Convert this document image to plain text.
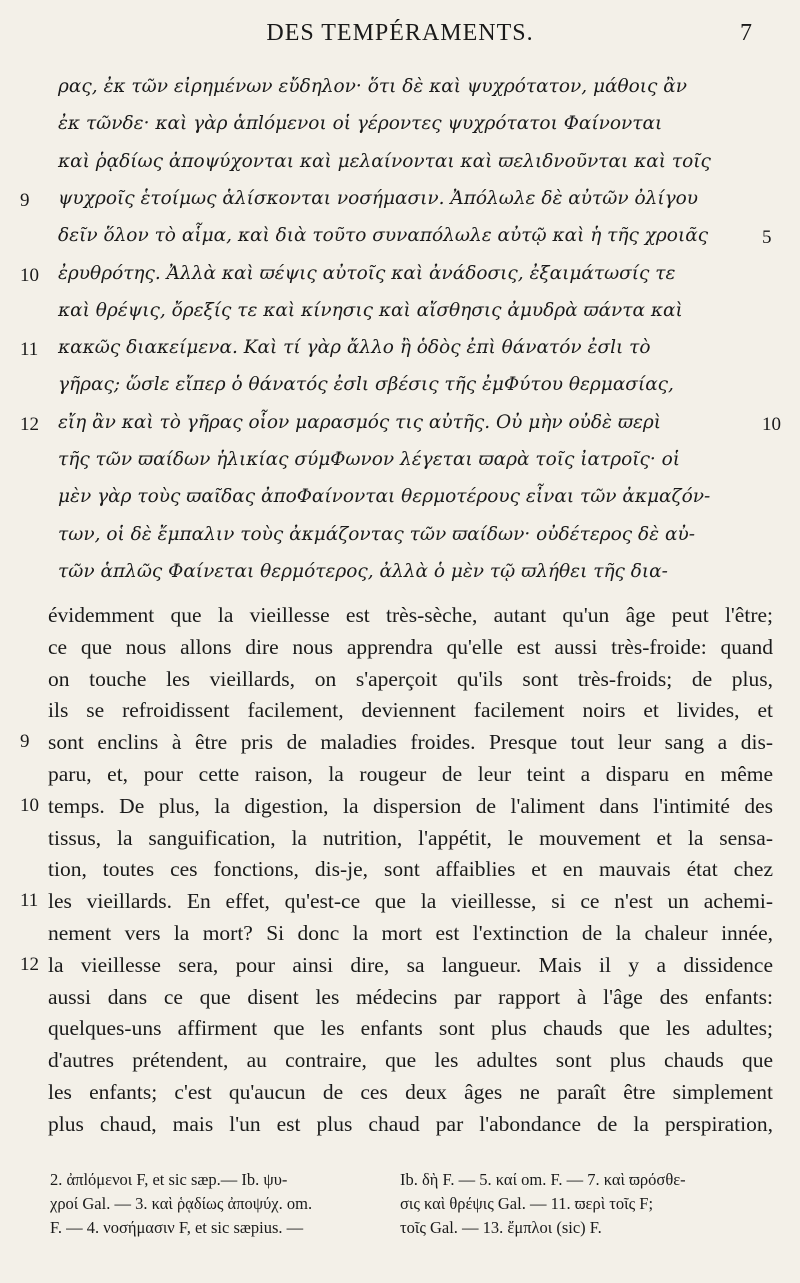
DES TEMPÉRAMENTS.	7
ρας, ἐκ τῶν εἰρημένων εὔδηλον· ὅτι δὲ καὶ ψυχρότατον, μάθοις ἂν
ἐκ τῶνδε· καὶ γὰρ ἁπlόμενοι οἱ γέροντες ψυχρότατοι Φαίνονται
καὶ ῥᾳδίως ἀποψύχονται καὶ μελαίνονται καὶ ϖελιδνοῦνται καὶ τοῖς
ψυχροῖς ἑτοίμως ἁλίσκονται νοσήμασιν. Ἀπόλωλε δὲ αὐτῶν ὀλίγου
δεῖν ὅλον τὸ αἷμα, καὶ διὰ τοῦτο συναπόλωλε αὐτῷ καὶ ἡ τῆς χροιᾶς
ἐρυθρότης. Ἀλλὰ καὶ ϖέψις αὐτοῖς καὶ ἀνάδοσις, ἐξαιμάτωσίς τε
καὶ θρέψις, ὄρεξίς τε καὶ κίνησις καὶ αἴσθησις ἀμυδρὰ ϖάντα καὶ
κακῶς διακείμενα. Καὶ τί γὰρ ἄλλο ἢ ὁδὸς ἐπὶ θάνατόν ἐσlι τὸ
γῆρας; ὥσlε εἴπερ ὁ θάνατός ἐσlι σβέσις τῆς ἐμΦύτου θερμασίας,
εἴη ἂν καὶ τὸ γῆρας οἷον μαρασμός τις αὐτῆς. Οὐ μὴν οὐδὲ ϖερὶ
τῆς τῶν ϖαίδων ἡλικίας σύμΦωνον λέγεται ϖαρὰ τοῖς ἰατροῖς· οἱ
μὲν γὰρ τοὺς ϖαῖδας ἀποΦαίνονται θερμοτέρους εἶναι τῶν ἀκμαζόν-
των, οἱ δὲ ἔμπαλιν τοὺς ἀκμάζοντας τῶν ϖαίδων· οὐδέτερος δὲ αὐ-
τῶν ἁπλῶς Φαίνεται θερμότερος, ἀλλὰ ὁ μὲν τῷ ϖλήθει τῆς δια-
9
10
11
12
5
10
évidemment que la vieillesse est très-sèche, autant qu'un âge peut l'être;
ce que nous allons dire nous apprendra qu'elle est aussi très-froide: quand
on touche les vieillards, on s'aperçoit qu'ils sont très-froids; de plus,
ils se refroidissent facilement, deviennent facilement noirs et livides, et
sont enclins à être pris de maladies froides. Presque tout leur sang a dis-
paru, et, pour cette raison, la rougeur de leur teint a disparu en même
temps. De plus, la digestion, la dispersion de l'aliment dans l'intimité des
tissus, la sanguification, la nutrition, l'appétit, le mouvement et la sensa-
tion, toutes ces fonctions, dis-je, sont affaiblies et en mauvais état chez
les vieillards. En effet, qu'est-ce que la vieillesse, si ce n'est un achemi-
nement vers la mort? Si donc la mort est l'extinction de la chaleur innée,
la vieillesse sera, pour ainsi dire, sa langueur. Mais il y a dissidence
aussi dans ce que disent les médecins par rapport à l'âge des enfants:
quelques-uns affirment que les enfants sont plus chauds que les adultes;
d'autres prétendent, au contraire, que les adultes sont plus chauds que
les enfants; c'est qu'aucun de ces deux âges ne paraît être simplement
plus chaud, mais l'un est plus chaud par l'abondance de la perspiration,
9
10
11
12
2. ἀπlόμενοι F, et sic sæp.— Ib. ψυ-
χροί Gal. — 3. καὶ ῥᾳδίως ἀποψύχ. om.
F. — 4. νοσήμασιν F, et sic sæpius. —
Ib. δὴ F. — 5. καί om. F. — 7. καὶ ϖρόσθε-
σις καὶ θρέψις Gal. — 11. ϖερὶ τοῖς F;
τοῖς Gal. — 13. ἔμπλοι (sic) F.
